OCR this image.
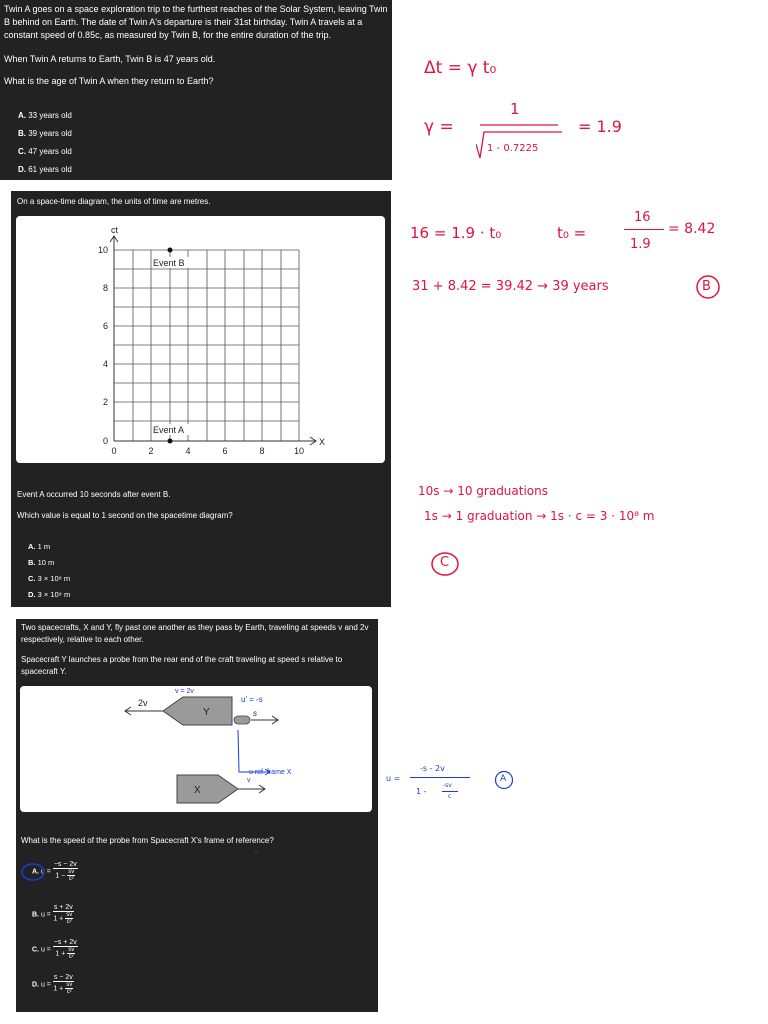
Twin A goes on a space exploration trip to the furthest reaches of the Solar System, leaving Twin B behind on Earth. The date of Twin A's departure is their 31st birthday. Twin A travels at a constant speed of 0.85c, as measured by Twin B, for the entire duration of the trip.
When Twin A returns to Earth, Twin B is 47 years old.
What is the age of Twin A when they return to Earth?
A. 33 years old
B. 39 years old
C. 47 years old
D. 61 years old
On a space-time diagram, the units of time are metres.
ct
X
0	2	4	6	8	10
0
2
4
6
8
10
Event B
Event A
Event A occurred 10 seconds after event B.
Which value is equal to 1 second on the spacetime diagram?
A. 1 m
B. 10 m
C. 3 × 10⁸ m
D. 3 × 10⁹ m
Two spacecrafts, X and Y, fly past one another as they pass by Earth, traveling at speeds v and 2v respectively, relative to each other.
Spacecraft Y launches a probe from the rear end of the craft traveling at speed s relative to spacecraft Y.
2v
Y	s
X
v = 2v
u' = -s
u ref. frame X
v
What is the speed of the probe from Spacecraft X's frame of reference?
u
A. $u = \frac{-s - 2v}{1 - \frac{sv}{\text{c²}}}$
B. $u = \frac{s + 2v}{1 + \frac{sv}{\text{c²}}}$
C. $u = \frac{-s + 2v}{1 + \frac{sv}{\text{c²}}}$
D. $u = \frac{s - 2v}{1 + \frac{sv}{\text{c²}}}$
Δt = γ t₀
γ =
1
1 - 0.7225
= 1.9
16 = 1.9 · t₀	t₀ =
16
1.9
= 8.42
31 + 8.42 = 39.42 → 39 years	B
10s → 10 graduations
1s → 1 graduation → 1s · c = 3 · 10⁸ m
C
u =
-s - 2v
1 -
-sv
c
A
